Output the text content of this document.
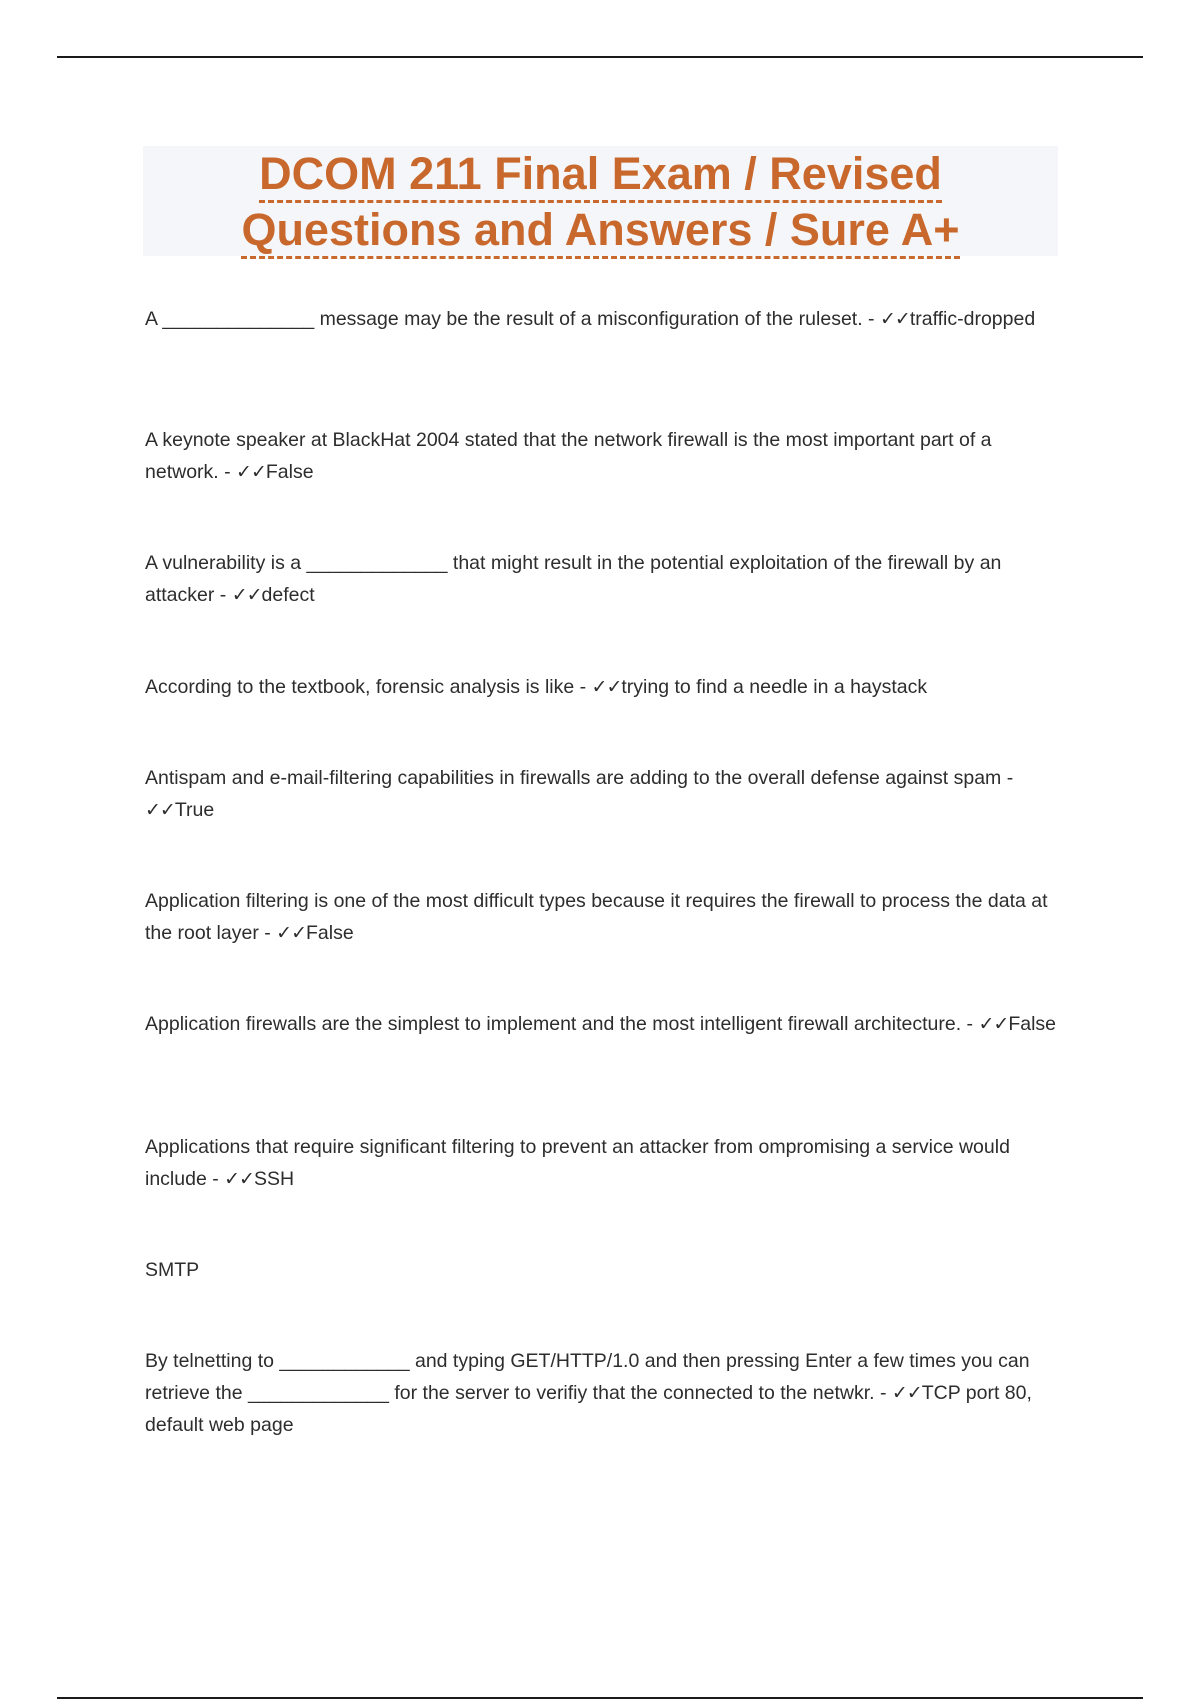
DCOM 211 Final Exam / Revised
Questions and Answers / Sure A+

A ______________ message may be the result of a misconfiguration of the ruleset. - ✓✓traffic-dropped

A keynote speaker at BlackHat 2004 stated that the network firewall is the most important part of a network. - ✓✓False

A vulnerability is a _____________ that might result in the potential exploitation of the firewall by an attacker - ✓✓defect

According to the textbook, forensic analysis is like - ✓✓trying to find a needle in a haystack

Antispam and e-mail-filtering capabilities in firewalls are adding to the overall defense against spam - ✓✓True

Application filtering is one of the most difficult types because it requires the firewall to process the data at the root layer - ✓✓False

Application firewalls are the simplest to implement and the most intelligent firewall architecture. - ✓✓False

Applications that require significant filtering to prevent an attacker from ompromising a service would include - ✓✓SSH

SMTP

By telnetting to ____________ and typing GET/HTTP/1.0 and then pressing Enter a few times you can retrieve the _____________ for the server to verifiy that the connected to the netwkr. - ✓✓TCP port 80, default web page
